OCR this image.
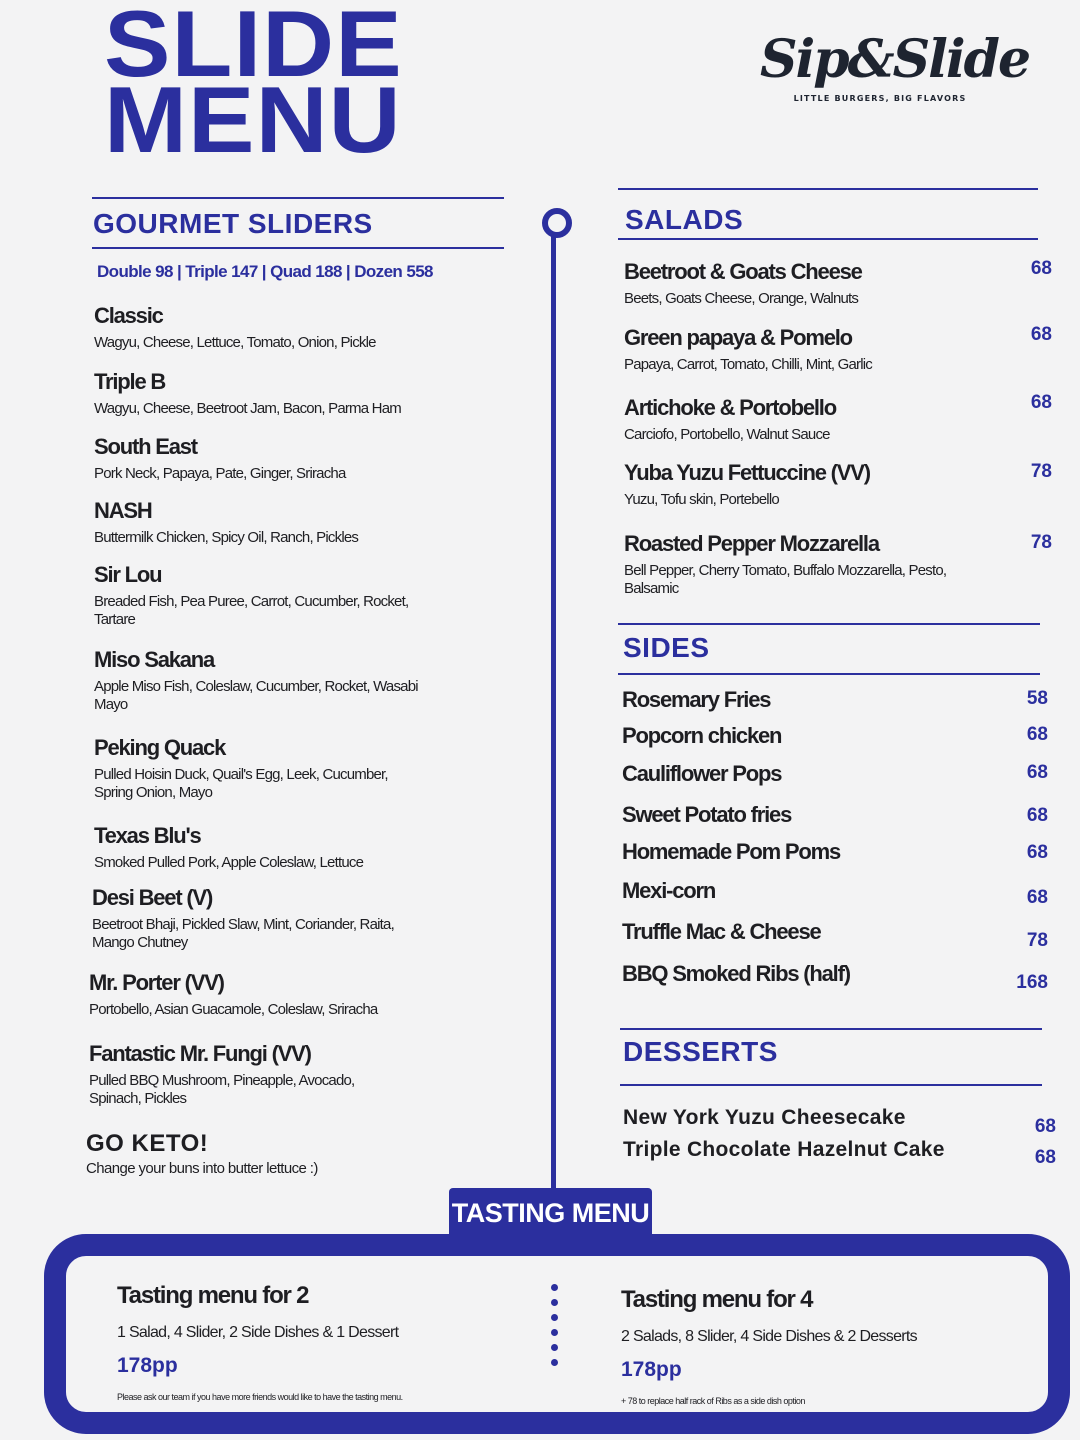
SLIDE
MENU
Sip&Slide
LITTLE BURGERS, BIG FLAVORS
GOURMET SLIDERS
Double 98 | Triple 147 | Quad 188 | Dozen 558
Classic
Wagyu, Cheese, Lettuce, Tomato, Onion, Pickle
Triple B
Wagyu, Cheese, Beetroot Jam, Bacon, Parma Ham
South East
Pork Neck, Papaya, Pate, Ginger, Sriracha
NASH
Buttermilk Chicken, Spicy Oil, Ranch, Pickles
Sir Lou
Breaded Fish, Pea Puree, Carrot, Cucumber, Rocket, Tartare
Miso Sakana
Apple Miso Fish, Coleslaw, Cucumber, Rocket, Wasabi Mayo
Peking Quack
Pulled Hoisin Duck, Quail's Egg, Leek, Cucumber, Spring Onion, Mayo
Texas Blu's
Smoked Pulled Pork, Apple Coleslaw, Lettuce
Desi Beet (V)
Beetroot Bhaji, Pickled Slaw, Mint, Coriander, Raita, Mango Chutney
Mr. Porter (VV)
Portobello, Asian Guacamole, Coleslaw, Sriracha
Fantastic Mr. Fungi (VV)
Pulled BBQ Mushroom, Pineapple, Avocado, Spinach, Pickles
GO KETO!
Change your buns into butter lettuce :)
SALADS
Beetroot & Goats Cheese
Beets, Goats Cheese, Orange, Walnuts
68
Green papaya & Pomelo
Papaya, Carrot, Tomato, Chilli, Mint, Garlic
68
Artichoke & Portobello
Carciofo, Portobello, Walnut Sauce
68
Yuba Yuzu Fettuccine (VV)
Yuzu, Tofu skin, Portebello
78
Roasted Pepper Mozzarella
Bell Pepper, Cherry Tomato, Buffalo Mozzarella, Pesto, Balsamic
78
SIDES
Rosemary Fries	58
Popcorn chicken	68
Cauliflower Pops	68
Sweet Potato fries	68
Homemade Pom Poms	68
Mexi-corn	68
Truffle Mac & Cheese	78
BBQ Smoked Ribs (half)	168
DESSERTS
New York Yuzu Cheesecake	68
Triple Chocolate Hazelnut Cake	68
TASTING MENU
Tasting menu for 2
1 Salad, 4 Slider, 2 Side Dishes & 1 Dessert
178pp
Please ask our team if you have more friends would like to have the tasting menu.
Tasting menu for 4
2 Salads, 8 Slider, 4 Side Dishes & 2 Desserts
178pp
+ 78 to replace half rack of Ribs as a side dish option
